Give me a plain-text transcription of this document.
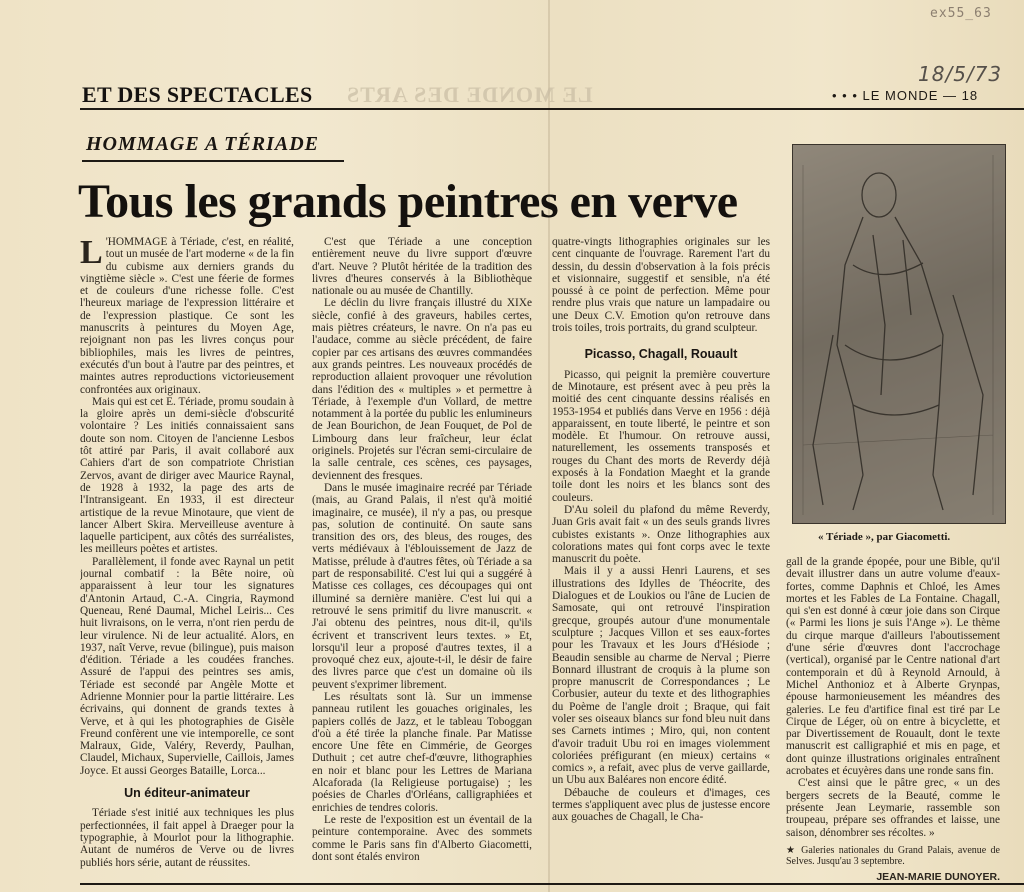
ex55_63
18/5/73
ET DES SPECTACLES LE MONDE DES ARTS	• • • LE MONDE — 18
HOMMAGE A TÉRIADE
Tous les grands peintres en verve

L 'HOMMAGE à Tériade, c'est, en réalité, tout un musée de l'art moderne « de la fin du cubisme aux derniers grands du vingtième siècle ». C'est une féerie de formes et de couleurs d'une richesse folle. C'est l'heureux mariage de l'expression littéraire et de l'expression plastique. Ce sont les manuscrits à peintures du Moyen Age, rejoignant non pas les livres conçus pour bibliophiles, mais les livres de peintres, exécutés d'un bout à l'autre par des peintres, et maintes autres reproductions victorieusement confrontées aux originaux.

Mais qui est cet E. Tériade, promu soudain à la gloire après un demi-siècle d'obscurité volontaire ? Les initiés connaissaient sans doute son nom. Citoyen de l'ancienne Lesbos tôt attiré par Paris, il avait collaboré aux Cahiers d'art de son compatriote Christian Zervos, avant de diriger avec Maurice Raynal, de 1928 à 1932, la page des arts de l'Intransigeant. En 1933, il est directeur artistique de la revue Minotaure, que vient de lancer Albert Skira. Merveilleuse aventure à laquelle participent, aux côtés des surréalistes, les meilleurs poètes et artistes.

Parallèlement, il fonde avec Raynal un petit journal combatif : la Bête noire, où apparaissent à leur tour les signatures d'Antonin Artaud, C.-A. Cingria, Raymond Queneau, René Daumal, Michel Leiris... Ces huit livraisons, on le verra, n'ont rien perdu de leur virulence. Ni de leur actualité. Alors, en 1937, naît Verve, revue (bilingue), puis maison d'édition. Tériade a les coudées franches. Assuré de l'appui des peintres ses amis, Tériade est secondé par Angèle Motte et Adrienne Monnier pour la partie littéraire. Les écrivains, qui donnent de grands textes à Verve, et à qui les photographies de Gisèle Freund confèrent une vie intemporelle, ce sont Malraux, Gide, Valéry, Reverdy, Paulhan, Claudel, Michaux, Supervielle, Caillois, James Joyce. Et aussi Georges Bataille, Lorca...

Un éditeur-animateur

Tériade s'est initié aux techniques les plus perfectionnées, il fait appel à Draeger pour la typographie, à Mourlot pour la lithographie. Autant de numéros de Verve ou de livres publiés hors série, autant de réussites.

C'est que Tériade a une conception entièrement neuve du livre support d'œuvre d'art. Neuve ? Plutôt héritée de la tradition des livres d'heures conservés à la Bibliothèque nationale ou au musée de Chantilly.

Le déclin du livre français illustré du XIXe siècle, confié à des graveurs, habiles certes, mais piètres créateurs, le navre. On n'a pas eu l'audace, comme au siècle précédent, de faire copier par ces artisans des œuvres commandées aux grands peintres. Les nouveaux procédés de reproduction allaient provoquer une révolution dans l'édition des « multiples » et permettre à Tériade, à l'exemple d'un Vollard, de mettre notamment à la portée du public les enlumineurs de Jean Bourichon, de Jean Fouquet, de Pol de Limbourg dans leur fraîcheur, leur éclat originels. Projetés sur l'écran semi-circulaire de la salle centrale, ces scènes, ces paysages, deviennent des fresques.

Dans le musée imaginaire recréé par Tériade (mais, au Grand Palais, il n'est qu'à moitié imaginaire, ce musée), il n'y a pas, ou presque pas, solution de continuité. On saute sans transition des ors, des bleus, des rouges, des verts médiévaux à l'éblouissement de Jazz de Matisse, prélude à d'autres fêtes, où Tériade a sa part de responsabilité. C'est lui qui a suggéré à Matisse ces collages, ces découpages qui ont illuminé sa dernière manière. C'est lui qui a retrouvé le sens primitif du livre manuscrit. « J'ai obtenu des peintres, nous dit-il, qu'ils écrivent et transcrivent leurs textes. » Et, lorsqu'il leur a proposé d'autres textes, il a provoqué chez eux, ajoute-t-il, le désir de faire des livres parce que c'est un domaine où ils peuvent s'exprimer librement.

Les résultats sont là. Sur un immense panneau rutilent les gouaches originales, les papiers collés de Jazz, et le tableau Toboggan d'où a été tirée la planche finale. Par Matisse encore Une fête en Cimmérie, de Georges Duthuit ; cet autre chef-d'œuvre, lithographies en noir et blanc pour les Lettres de Mariana Alcaforada (la Religieuse portugaise) ; les poésies de Charles d'Orléans, calligraphiées et enrichies de tendres coloris.

Le reste de l'exposition est un éventail de la peinture contemporaine. Avec des sommets comme le Paris sans fin d'Alberto Giacometti, dont sont étalés environ

quatre-vingts lithographies originales sur les cent cinquante de l'ouvrage. Rarement l'art du dessin, du dessin d'observation à la fois précis et visionnaire, suggestif et sensible, n'a été poussé à ce point de perfection. Même pour rendre plus vrais que nature un lampadaire ou une Deux C.V. Emotion qu'on retrouve dans trois toiles, trois portraits, du grand sculpteur.

Picasso, Chagall, Rouault

Picasso, qui peignit la première couverture de Minotaure, est présent avec à peu près la moitié des cent cinquante dessins réalisés en 1953-1954 et publiés dans Verve en 1956 : déjà apparaissent, en toute liberté, le peintre et son modèle. Et l'humour. On retrouve aussi, naturellement, les ossements transposés et rouges du Chant des morts de Reverdy déjà exposés à la Fondation Maeght et la grande toile dont les noirs et les blancs sont des couleurs.

D'Au soleil du plafond du même Reverdy, Juan Gris avait fait « un des seuls grands livres cubistes existants ». Onze lithographies aux colorations mates qui font corps avec le texte manuscrit du poète.

Mais il y a aussi Henri Laurens, et ses illustrations des Idylles de Théocrite, des Dialogues et de Loukios ou l'âne de Lucien de Samosate, qui ont retrouvé l'inspiration grecque, groupés autour d'une monumentale sculpture ; Jacques Villon et ses eaux-fortes pour les Travaux et les Jours d'Hésiode ; Beaudin sensible au charme de Nerval ; Pierre Bonnard illustrant de croquis à la plume son propre manuscrit de Correspondances ; Le Corbusier, auteur du texte et des lithographies du Poème de l'angle droit ; Braque, qui fait voler ses oiseaux blancs sur fond bleu nuit dans ses Carnets intimes ; Miro, qui, non content d'avoir traduit Ubu roi en images violemment coloriées préfigurant (en mieux) certains « comics », a refait, avec plus de verve gaillarde, un Ubu aux Baléares non encore édité.

Débauche de couleurs et d'images, ces termes s'appliquent avec plus de justesse encore aux gouaches de Chagall, le Cha-

« Tériade », par Giacometti.

gall de la grande épopée, pour une Bible, qu'il devait illustrer dans un autre volume d'eaux-fortes, comme Daphnis et Chloé, les Ames mortes et les Fables de La Fontaine. Chagall, qui s'en est donné à cœur joie dans son Cirque (« Parmi les lions je suis l'Ange »). Le thème du cirque marque d'ailleurs l'aboutissement d'une série d'œuvres dont l'accrochage (vertical), organisé par le Centre national d'art contemporain et dû à Reynold Arnould, à Michel Anthonioz et à Alberte Grynpas, épouse harmonieusement les méandres des galeries. Le feu d'artifice final est tiré par Le Cirque de Léger, où on entre à bicyclette, et par Divertissement de Rouault, dont le texte manuscrit est calligraphié et mis en page, et dont quinze illustrations originales entraînent acrobates et écuyères dans une ronde sans fin.

C'est ainsi que le pâtre grec, « un des bergers secrets de la Beauté, comme le présente Jean Leymarie, rassemble son troupeau, prépare ses offrandes et laisse, une saison, dénombrer ses récoltes. »

★ Galeries nationales du Grand Palais, avenue de Selves. Jusqu'au 3 septembre.

JEAN-MARIE DUNOYER.
